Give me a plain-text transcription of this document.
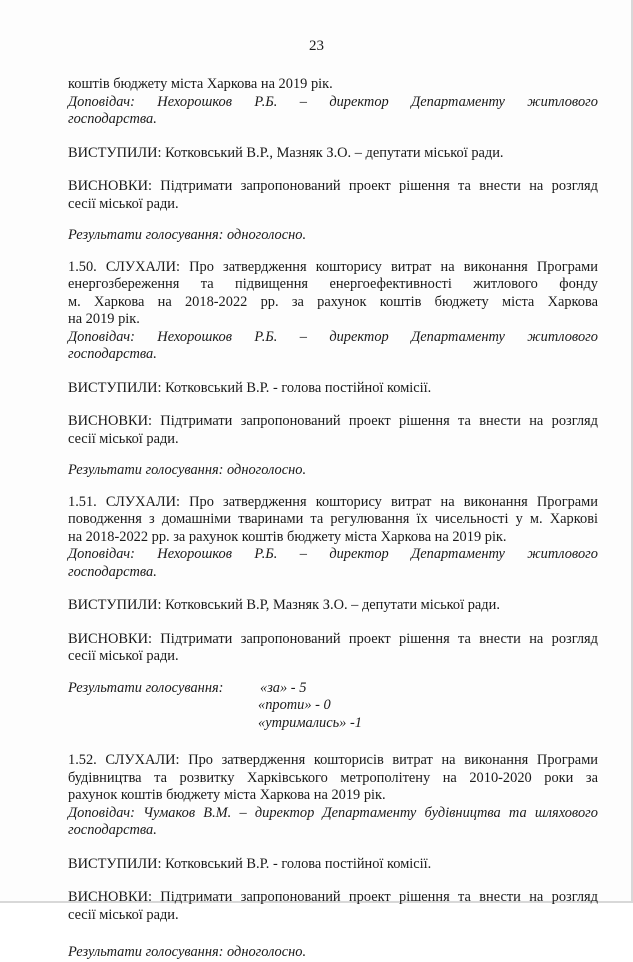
23

коштів бюджету міста Харкова на 2019 рік.

Доповідач: Нехорошков Р.Б. – директор Департаменту житлового

господарства.

ВИСТУПИЛИ: Котковський В.Р., Мазняк З.О. – депутати міської ради.

ВИСНОВКИ: Підтримати запропонований проект рішення та внести на розгляд

сесії міської ради.

Результати голосування: одноголосно.

1.50. СЛУХАЛИ: Про затвердження кошторису витрат на виконання Програми

енергозбереження та підвищення енергоефективності житлового фонду

м. Харкова на 2018-2022 рр. за рахунок коштів бюджету міста Харкова

на 2019 рік.

Доповідач: Нехорошков Р.Б. – директор Департаменту житлового

господарства.

ВИСТУПИЛИ: Котковський В.Р. - голова постійної комісії.

ВИСНОВКИ: Підтримати запропонований проект рішення та внести на розгляд

сесії міської ради.

Результати голосування: одноголосно.

1.51. СЛУХАЛИ: Про затвердження кошторису витрат на виконання Програми

поводження з домашніми тваринами та регулювання їх чисельності у м. Харкові

на 2018-2022 рр. за рахунок коштів бюджету міста Харкова на 2019 рік.

Доповідач: Нехорошков Р.Б. – директор Департаменту житлового

господарства.

ВИСТУПИЛИ: Котковський В.Р, Мазняк З.О. – депутати міської ради.

ВИСНОВКИ: Підтримати запропонований проект рішення та внести на розгляд

сесії міської ради.

Результати голосування:	«за» - 5
«проти» - 0
«утримались» -1

1.52. СЛУХАЛИ: Про затвердження кошторисів витрат на виконання Програми

будівництва та розвитку Харківського метрополітену на 2010-2020 роки за

рахунок коштів бюджету міста Харкова на 2019 рік.

Доповідач: Чумаков В.М. – директор Департаменту будівництва та шляхового

господарства.

ВИСТУПИЛИ: Котковський В.Р. - голова постійної комісії.

ВИСНОВКИ: Підтримати запропонований проект рішення та внести на розгляд

сесії міської ради.

Результати голосування: одноголосно.
